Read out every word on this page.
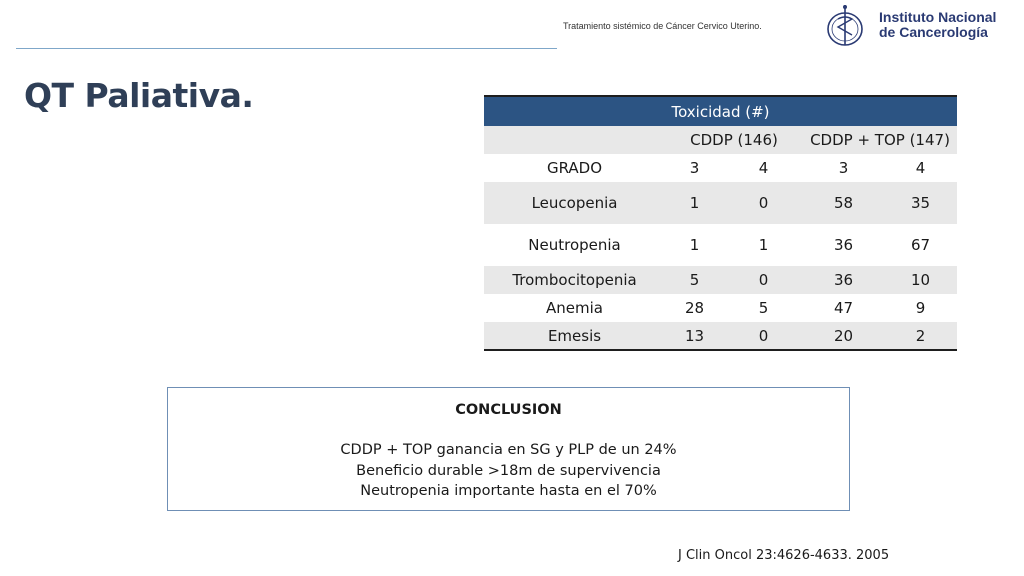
Tratamiento sistémico de Cáncer Cervico Uterino.
Instituto Nacional
de Cancerología
QT Paliativa.	Toxicidad (#)				
	CDDP (146)		CDDP + TOP (147)	
GRADO	3	4	3	4
Leucopenia	1	0	58	35
Neutropenia	1	1	36	67
Trombocitopenia	5	0	36	10
Anemia	28	5	47	9
Emesis	13	0	20	2
CONCLUSION
CDDP + TOP ganancia en SG y PLP de un 24%
Beneficio durable >18m de supervivencia
Neutropenia importante hasta en el 70%
J Clin Oncol 23:4626-4633. 2005
